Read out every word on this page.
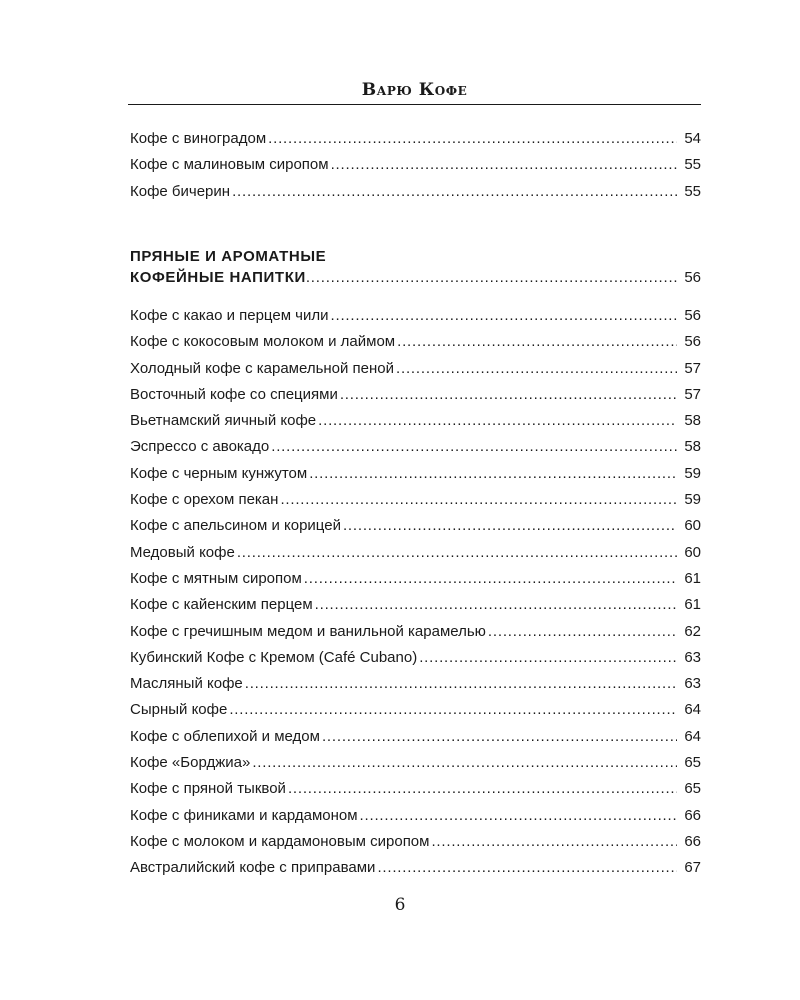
Варю Кофе
Кофе с виноградом .....	54
Кофе с малиновым сиропом .....	55
Кофе бичерин .....	55
ПРЯНЫЕ И АРОМАТНЫЕ
КОФЕЙНЫЕ НАПИТКИ .....	56
Кофе с какао и перцем чили .....	56
Кофе с кокосовым молоком и лаймом .....	56
Холодный кофе с карамельной пеной .....	57
Восточный кофе со специями .....	57
Вьетнамский яичный кофе .....	58
Эспрессо с авокадо .....	58
Кофе с черным кунжутом .....	59
Кофе с орехом пекан .....	59
Кофе с апельсином и корицей .....	60
Медовый кофе .....	60
Кофе с мятным сиропом .....	61
Кофе с кайенским перцем .....	61
Кофе с гречишным медом и ванильной карамелью .....	62
Кубинский Кофе с Кремом (Café Cubano) .....	63
Масляный кофе .....	63
Сырный кофе .....	64
Кофе с облепихой и медом .....	64
Кофе «Борджиа» .....	65
Кофе с пряной тыквой .....	65
Кофе с финиками и кардамоном .....	66
Кофе с молоком и кардамоновым сиропом .....	66
Австралийский кофе с приправами .....	67
6
